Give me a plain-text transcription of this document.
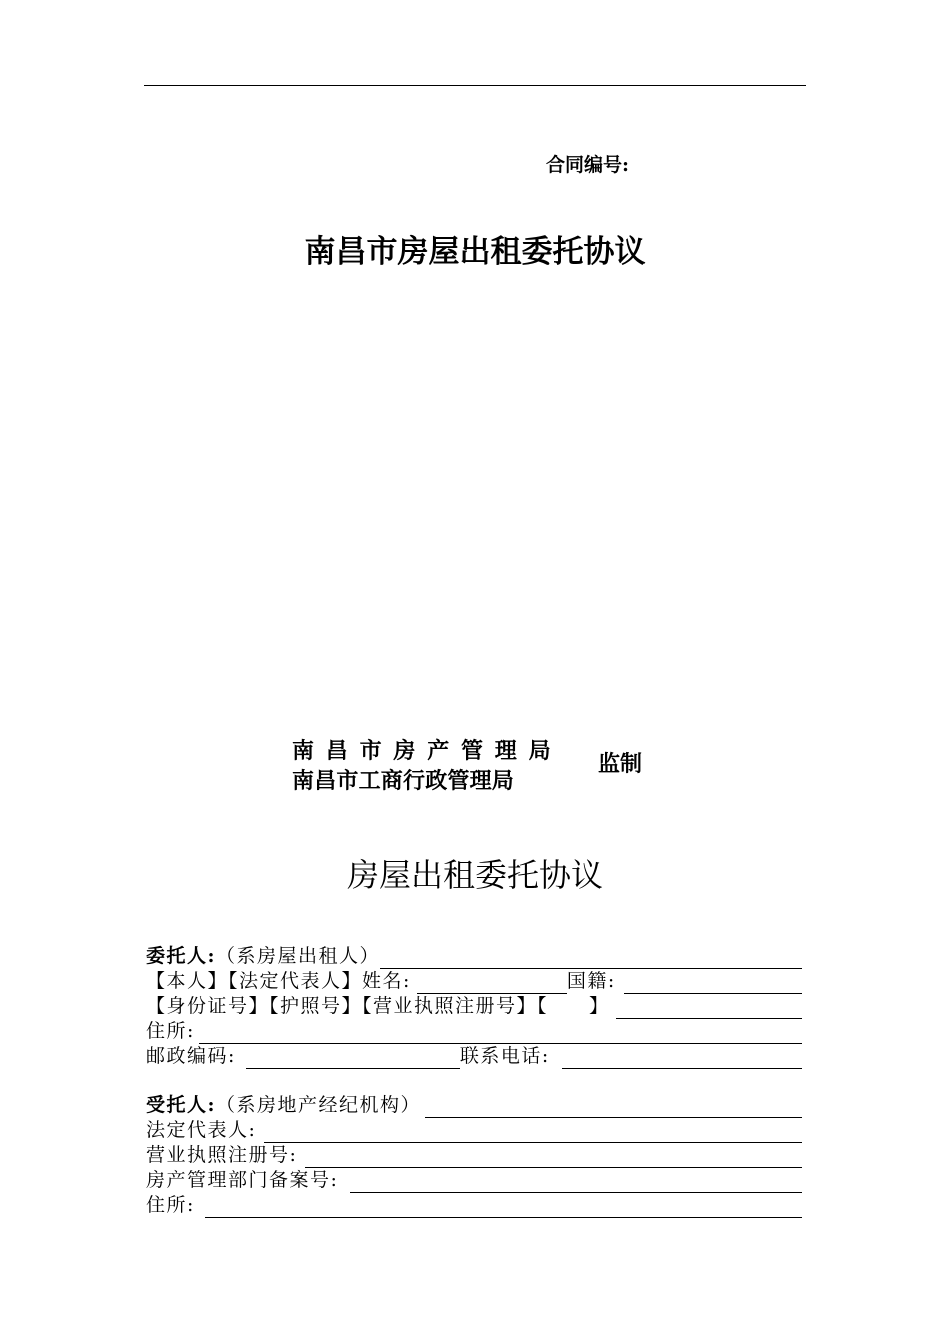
合同编号:
南昌市房屋出租委托协议
南昌市房产管理局
南昌市工商行政管理局
监制
房屋出租委托协议
委托人: （系房屋出租人）
【本人】【法定代表人】姓名:	国籍:
【身份证号】【护照号】【营业执照注册号】【　　】
住所:
邮政编码:	联系电话:
受托人: （系房地产经纪机构）
法定代表人:
营业执照注册号:
房产管理部门备案号:
住所:
